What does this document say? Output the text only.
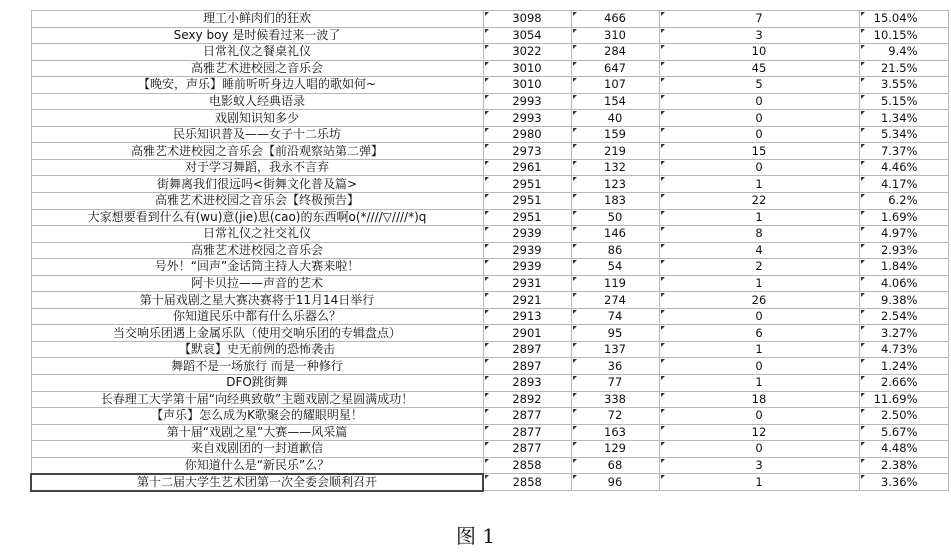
理工小鲜肉们的狂欢	3098	466	7	15.04%
Sexy boy 是时候看过来一波了	3054	310	3	10.15%
日常礼仪之餐桌礼仪	3022	284	10	9.4%
高雅艺术进校园之音乐会	3010	647	45	21.5%
【晚安，声乐】睡前听听身边人唱的歌如何~	3010	107	5	3.55%
电影蚁人经典语录	2993	154	0	5.15%
戏剧知识知多少	2993	40	0	1.34%
民乐知识普及——女子十二乐坊	2980	159	0	5.34%
高雅艺术进校园之音乐会【前沿观察站第二弹】	2973	219	15	7.37%
对于学习舞蹈，我永不言弃	2961	132	0	4.46%
街舞离我们很远吗<街舞文化普及篇>	2951	123	1	4.17%
高雅艺术进校园之音乐会【终极预告】	2951	183	22	6.2%
大家想要看到什么有(wu)意(jie)思(cao)的东西啊o(*////▽////*)q	2951	50	1	1.69%
日常礼仪之社交礼仪	2939	146	8	4.97%
高雅艺术进校园之音乐会	2939	86	4	2.93%
号外！“回声”金话筒主持人大赛来啦！	2939	54	2	1.84%
阿卡贝拉——声音的艺术	2931	119	1	4.06%
第十届戏剧之星大赛决赛将于11月14日举行	2921	274	26	9.38%
你知道民乐中都有什么乐器么？	2913	74	0	2.54%
当交响乐团遇上金属乐队（使用交响乐团的专辑盘点）	2901	95	6	3.27%
【默哀】史无前例的恐怖袭击	2897	137	1	4.73%
舞蹈不是一场旅行 而是一种修行	2897	36	0	1.24%
DFO跳街舞	2893	77	1	2.66%
长春理工大学第十届“向经典致敬”主题戏剧之星圆满成功！	2892	338	18	11.69%
【声乐】怎么成为K歌聚会的耀眼明星！	2877	72	0	2.50%
第十届“戏剧之星”大赛——风采篇	2877	163	12	5.67%
来自戏剧团的一封道歉信	2877	129	0	4.48%
你知道什么是“新民乐”么？	2858	68	3	2.38%
第十二届大学生艺术团第一次全委会顺利召开	2858	96	1	3.36%
图 1
